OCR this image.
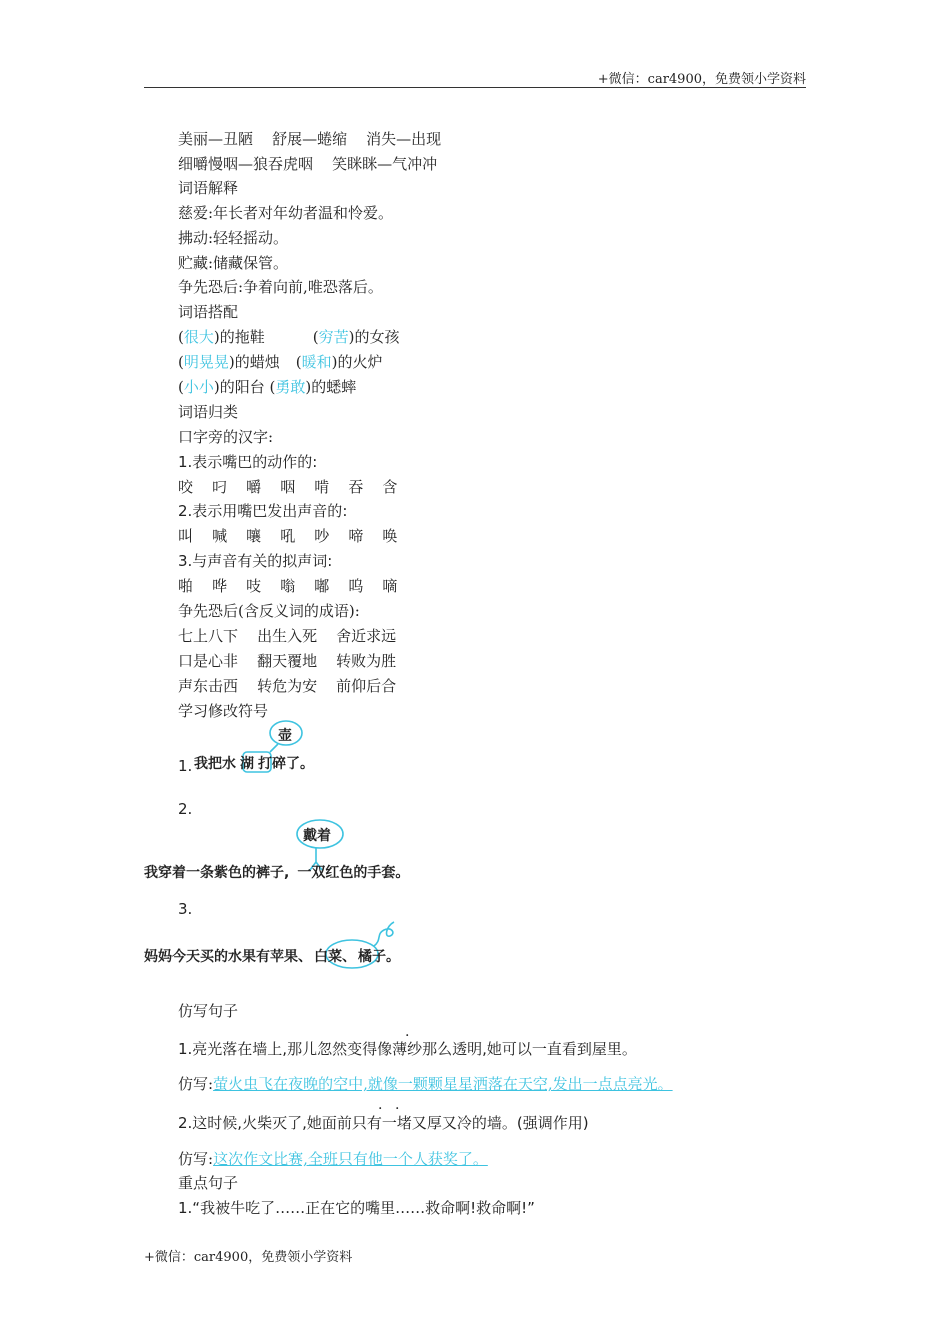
+微信：car4900，免费领小学资料
美丽—丑陋    舒展—蜷缩    消失—出现
细嚼慢咽—狼吞虎咽    笑眯眯—气冲冲
词语解释
慈爱:年长者对年幼者温和怜爱。
拂动:轻轻摇动。
贮藏:储藏保管。
争先恐后:争着向前,唯恐落后。
词语搭配
(很大)的拖鞋	(穷苦)的女孩
(明晃晃)的蜡烛 (暖和)的火炉
(小小)的阳台 (勇敢)的蟋蟀
词语归类
口字旁的汉字:
1.表示嘴巴的动作的:
咬    叼    嚼    咽    啃    吞    含
2.表示用嘴巴发出声音的:
叫    喊    嚷    吼    吵    啼    唤
3.与声音有关的拟声词:
啪    哗    吱    嗡    嘟    呜    嘀
争先恐后(含反义词的成语):
七上八下    出生入死    舍近求远
口是心非    翻天覆地    转败为胜
声东击西    转危为安    前仰后合
学习修改符号
壶
1. 我把水 湖 打碎了。
2.
戴着
我穿着一条紫色的裤子, 一双红色的手套。
3.
妈妈今天买的水果有苹果、 白菜、 橘子。
仿写句子
1.亮光落在墙上,那儿忽然变得像薄纱那么透明,她可以一直看到屋里。
.
仿写:萤火虫飞在夜晚的空中,就像一颗颗星星洒落在天空,发出一点点亮光。
2.这时候,火柴灭了,她面前只有一堵又厚又冷的墙。(强调作用)
. .
仿写:这次作文比赛,全班只有他一个人获奖了。
重点句子
1.“我被牛吃了……正在它的嘴里……救命啊!救命啊!”
+微信：car4900，免费领小学资料
